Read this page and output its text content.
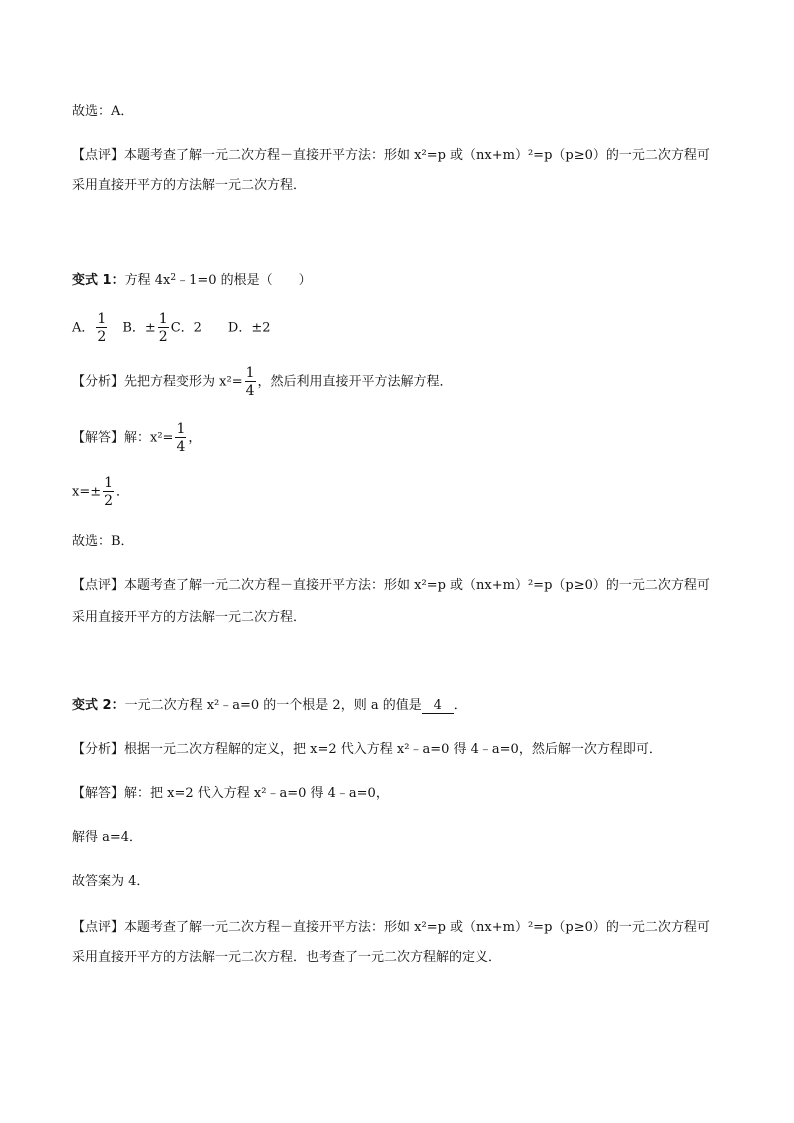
故选：A．
【点评】本题考查了解一元二次方程－直接开平方法：形如 x²=p 或（nx+m）²=p（p≥0）的一元二次方程可
采用直接开平方的方法解一元二次方程．
变式 1：方程 $4x^2﹣1=0$ 的根是（　　）
A． $\frac{1}{2}$ 　B．± $\frac{1}{2}$ C．2　　D．±2
【分析】先把方程变形为 $x^2= \frac{1}{4}$ ，然后利用直接开平方法解方程．
【解答】解：$x^2= \frac{1}{4}$ ，
$x=\pm \frac{1}{2}$ ．
故选：B．
【点评】本题考查了解一元二次方程－直接开平方法：形如 x²=p 或（nx+m）²=p（p≥0）的一元二次方程可
采用直接开平方的方法解一元二次方程．
变式 2：一元二次方程 x²﹣a=0 的一个根是 2，则 a 的值是 4 ．
【分析】根据一元二次方程解的定义，把 x=2 代入方程 x²﹣a=0 得 4﹣a=0，然后解一次方程即可．
【解答】解：把 x=2 代入方程 x²﹣a=0 得 4﹣a=0，
解得 a=4．
故答案为 4．
【点评】本题考查了解一元二次方程－直接开平方法：形如 x²=p 或（nx+m）²=p（p≥0）的一元二次方程可
采用直接开平方的方法解一元二次方程．也考查了一元二次方程解的定义．
